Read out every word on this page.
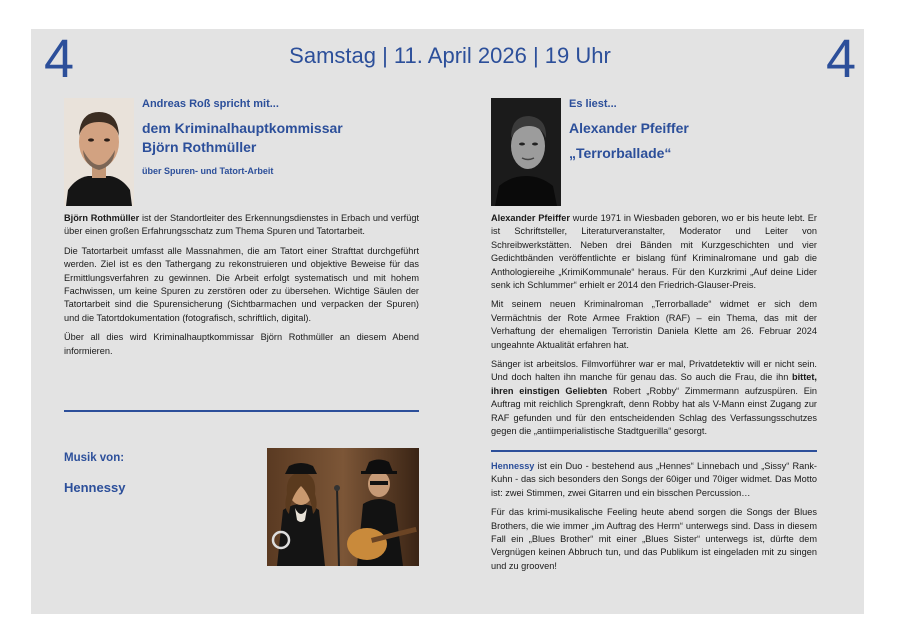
4	4
Samstag | 11. April 2026 | 19 Uhr
Andreas Roß spricht mit...
dem Kriminalhauptkommissar
Björn Rothmüller
über Spuren- und Tatort-Arbeit

Björn Rothmüller ist der Standortleiter des Erkennungsdienstes in Erbach und verfügt über einen großen Erfahrungsschatz zum Thema Spuren und Tatortarbeit.

Die Tatortarbeit umfasst alle Massnahmen, die am Tatort einer Strafttat durchgeführt werden. Ziel ist es den Tathergang zu rekonstruieren und objektive Beweise für das Ermittlungsverfahren zu gewinnen. Die Arbeit erfolgt systematisch und mit hohem Fachwissen, um keine Spuren zu zerstören oder zu übersehen. Wichtige Säulen der Tatortarbeit sind die Spurensicherung (Sichtbarmachen und verpacken der Spuren) und die Tatortdokumentation (fotografisch, schriftlich, digital).

Über all dies wird Kriminalhauptkommissar Björn Rothmüller an diesem Abend informieren.

Musik von:
Hennessy
Es liest...
Alexander Pfeiffer
„Terrorballade“

Alexander Pfeiffer wurde 1971 in Wiesbaden geboren, wo er bis heute lebt. Er ist Schriftsteller, Literaturveranstalter, Moderator und Leiter von Schreibwerkstätten. Neben drei Bänden mit Kurzgeschichten und vier Gedichtbänden veröffentlichte er bislang fünf Kriminalromane und gab die Anthologiereihe „KrimiKommunale“ heraus. Für den Kurzkrimi „Auf deine Lider senk ich Schlummer“ erhielt er 2014 den Friedrich-Glauser-Preis.

Mit seinem neuen Kriminalroman „Terrorballade“ widmet er sich dem Vermächtnis der Rote Armee Fraktion (RAF) – ein Thema, das mit der Verhaftung der ehemaligen Terroristin Daniela Klette am 26. Februar 2024 ungeahnte Aktualität erfahren hat.

Sänger ist arbeitslos. Filmvorführer war er mal, Privatdetektiv will er nicht sein. Und doch halten ihn manche für genau das. So auch die Frau, die ihn bittet, ihren einstigen Geliebten Robert „Robby“ Zimmermann aufzuspüren. Ein Auftrag mit reichlich Sprengkraft, denn Robby hat als V-Mann einst Zugang zur RAF gefunden und für den entscheidenden Schlag des Verfassungsschutzes gegen die „antiimperialistische Stadtguerilla“ gesorgt.

Hennessy ist ein Duo - bestehend aus „Hennes“ Linnebach und „Sissy“ Rank-Kuhn - das sich besonders den Songs der 60iger und 70iger widmet. Das Motto ist: zwei Stimmen, zwei Gitarren und ein bisschen Percussion…

Für das krimi-musikalische Feeling heute abend sorgen die Songs der Blues Brothers, die wie immer „im Auftrag des Herrn“ unterwegs sind. Dass in diesem Fall ein „Blues Brother“ mit einer „Blues Sister“ unterwegs ist, dürfte dem Vergnügen keinen Abbruch tun, und das Publikum ist eingeladen mit zu singen und zu grooven!
